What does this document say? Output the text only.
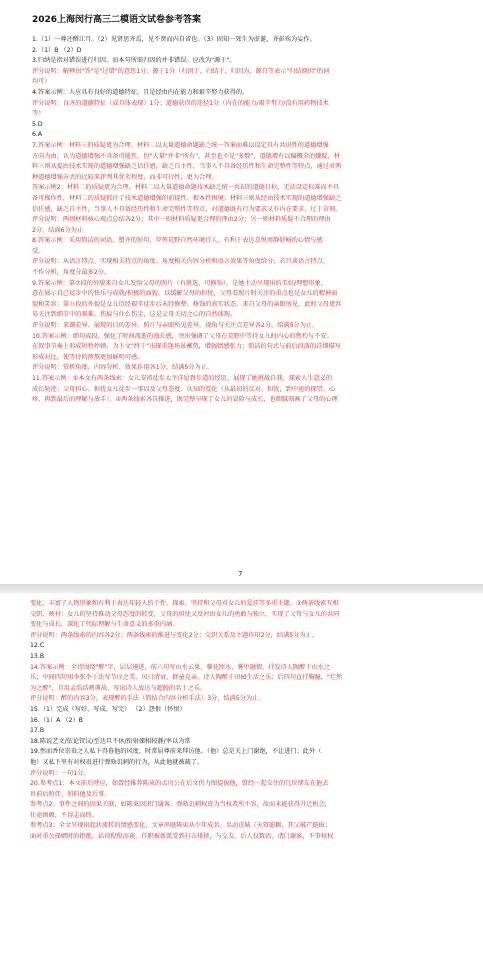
2026上海闵行高三二模语文试卷参考答案

1.（1）一尊还酹江月。（2）见贤思齐焉，见不贤而内自省也。（3）固知一死生为虚诞，齐彭殇为妄作。

2.（1）B （2）D

3.归纳是指对错误进行归因，而本句所需归因的并非错误。应改为"源于"。

评分说明：解释出"答"是"过错"的意思1分；源于1分（归因于、归结于、归因为、源自等表示"归结原因"的词

均可）

4.答案示例：人应具有良好的道德特征，且是经由内在能力和艰辛努力获得的。

评分说明：良善的道德特征（或具体表现）1分；道德获得的途径1分（内在的能力/艰辛努力/没有用药物技术

等）

5.D

6.A

7.答案示例：材料三的质疑更为合理。材料二以大量道德命题缺乏统一答案而难以设定具有共识性的道德增强

方向为由，认为道德增强不具备可能性。但"大量"并非"所有"，甚至也不是"多数"，道德增有以偏概全的嫌疑，材

料三则从提由技术实现的道德增强缺乏信任感，缺乏自主性，当事人不具备经历性和生命完整性等特点，通过对两

种道德增强方式的比较来评判其优劣程度，而非可行性，更为合理。

答案示例2：材料二的质疑更为合理。材料二以大量道德命题技术缺乏统一共识的道德目标，无法设定标准而不具

备可操作性，材料二的质疑抓住了技术道德增强的前提性、根本性困境；材料三则从经由技术实现的道德增强缺乏

信任感，缺乏自主性，当事人不具备经历性和生命完整性等特点，对道德既有行为要求又有内在要求，过于苛刻。

评分说明：两则材料核心观点总结各2分；其中一则材料质疑更合理的理由2分；另一则材料质疑不合理的理由

2分，结满6分为止

8.答案示例：采用简洁的词语，塑齐的短句，罗列荒野自然环境宜人，有利于表达喜悦周静舒畅的心情与感

受。

评分说明：从语言特点、实现相关特点的角度、角度相关内容分析和语言效果等角度给分；若只谈语言特点、

不作分析，角度分最多2分。

9.答案示例：第⑦段的外貌来自女儿发给父母的照片（有挑选、可修饰），是她主动呈现出的美好/理想形象，

意在展示自己徒步中的快乐与成就/积极的面貌，以缓解父母的担忧，父母看照片时关注的重点也是女儿的精神面

貌和笑容；第⑪段的外貌是女儿历经艰辛徒步后未经修整、修饰的真实状态，来自父母的亲眼所见，此时父母更容

易关注到细节中的艰难，伤痕与什么伤尘，这是父母关切之心的自然体现。

评分说明：来源差异、展现的目的差异，照片与亲眼所见差异，视角与关注点差异各2分，给满5分为止。

10.答案示例：细句或段，强化了时间流逝的漫长感，突出强调了父母在荒野中等待女儿时内心的焦灼与不安；

在叙事节奏上形成短暂停顿，为下文"终于"出现重逢场景蓄势，增强情感张力；简洁的句式与前后段落的详细描写

形成对比，使等待的煎熬更加鲜明可感。

评分说明：赏析角度、内容分析、效果作用各1分，结满5分为止。

11.答案示例：①本文有两条线索：女儿安祷徒步太平洋屋脊步道的经历，展现了她挑战自我、探索人生意义的

成长轨迹；父母担心、担忧女儿徒步一事以及父母态度、认知的变化（从最初的反对、担忧，到中途的探望、心

疼，再到最后的理解与放手）。②两条线索各自推进，既完整呈现了女儿的冒险与成长，也细腻刻画了父母的心理

7

变化，丰富了人物形象和有利于表达年轻人的个性、探索、坚持和父母对女儿的爱挂等多重主题。③两条线索互相

交织、映衬：女儿的坚持推动父母态度的转变，父母的担忧又反衬出女儿的勇敢与独立，实现了父母与女儿的共同

变化与成长，深化了代际理解与生命意义的多重内涵。

评分说明：两条线索的内容各2分；两条线索的推进与变化2分；交织关系及主题作用2分，结满5分为止。

12.C

13.B

14.答案示例：全诗围绕"醉"字，层层递进，前六句写山水云果、蓼花照水，雾中融情，抒发诗人陶醉于山水之

乐；中间四句用李张李于法写节序之美，风日清衰，群童竞亲，诗人陶醉于田园生活之乐；后四句直抒胸臆，"烂然

为之醉"，且用孟浩浩嗜典故，写出诗人放达与超脱的名士之乐。

评分说明：醉的内容3分，表现醉的手法（简结合内容分析手法）3分，结满5分为止。

15.（1）完成（写好、写成、写完） （2）怨恨（怀恨）

16.（1）A （2）B

17.B

18.陈说艺文/依论钗议/至达旦不休/衔射傈相较静/率以为常

19.然而香位崇贵之人私下得暮他的风度，时常屈尊前来拜访他。（他）总是关上门谢绝，不让进门；此外（

他）又私下里有对权贵进行弹劾讥刺的行为，从此他就被疏了。

评分说明：一句1分。

20.参考点1：本文前后呼应，如曾经推荐陈束的孟川公在后文仍力图提拔他，曾经一起交往的几位朋友在他去

世前后照伴、照料他及后事。

参考点2：事件之间的因果关联，如陈束因闭门谢客、弹劾讥刺权贵为当权者所不容，故而未能获得升迁机会，

仕途困顿，不得志而终。

参考点3：全文呈现出起状流转的情感变化，文章串联陈束从少年成名、名动京城（天资聪颖，其父破产挺拔；

面对重公择婿时的拒绝，话得倪倪而谈，任职被新派受到打击排挤，与交友，后人仅数语，诸门谢客，不事权权
